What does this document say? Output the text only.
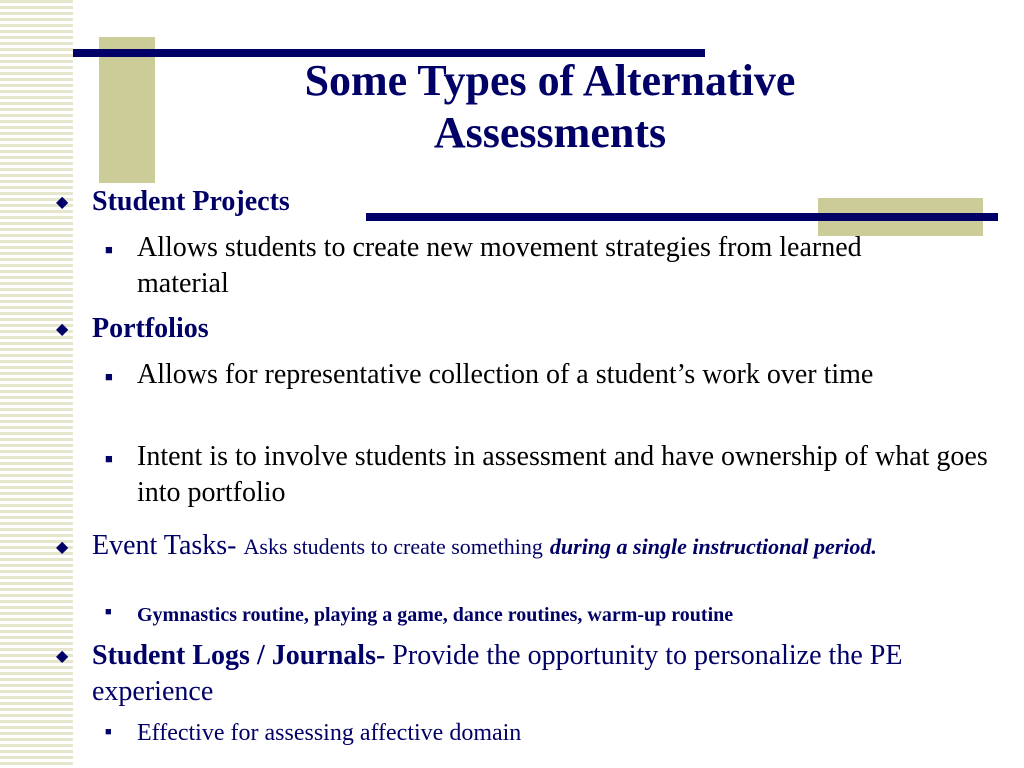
Some Types of Alternative
Assessments
◆ Student Projects
■ Allows students to create new movement strategies from learned material
◆ Portfolios
■ Allows for representative collection of a student’s work over time
■ Intent is to involve students in assessment and have ownership of what goes into portfolio
◆ Event Tasks- Asks students to create something during a single instructional period.
■ Gymnastics routine, playing a game, dance routines, warm-up routine
◆ Student Logs / Journals- Provide the opportunity to personalize the PE experience
■ Effective for assessing affective domain
